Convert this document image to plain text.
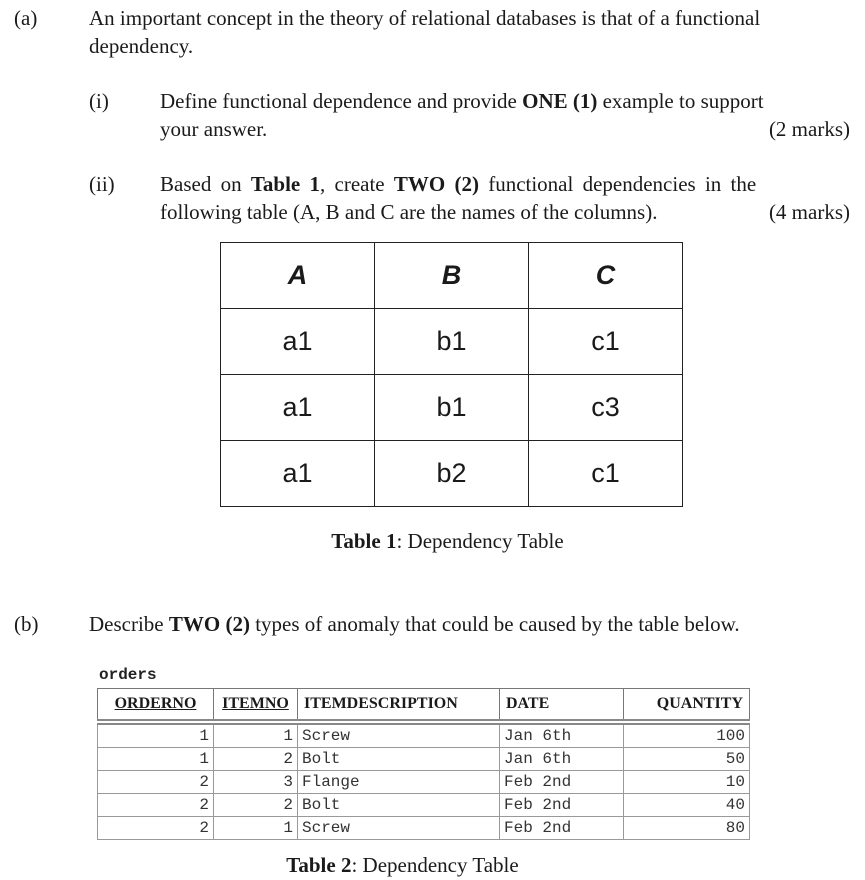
(a) An important concept in the theory of relational databases is that of a functional
dependency.
(i) Define functional dependence and provide ONE (1) example to support
your answer.	(2 marks)
(ii) Based on Table 1, create TWO (2) functional dependencies in the
following table (A, B and C are the names of the columns).	(4 marks)
A	B	C
a1	b1	c1
a1	b1	c3
a1	b2	c1
Table 1: Dependency Table
(b) Describe TWO (2) types of anomaly that could be caused by the table below.
orders
ORDERNO	ITEMNO	ITEMDESCRIPTION	DATE	QUANTITY
1	1	Screw	Jan 6th	100
1	2	Bolt	Jan 6th	50
2	3	Flange	Feb 2nd	10
2	2	Bolt	Feb 2nd	40
2	1	Screw	Feb 2nd	80
Table 2: Dependency Table
